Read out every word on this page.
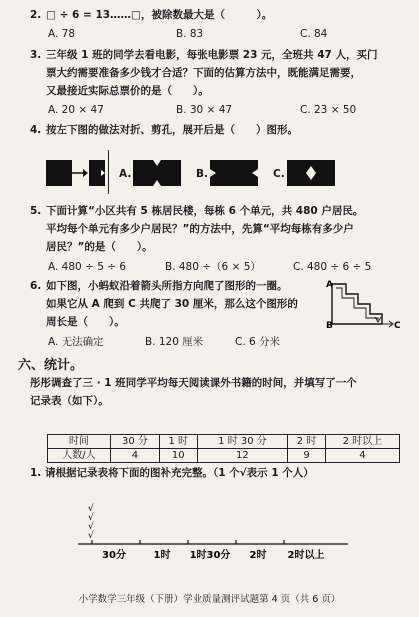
2. □ ÷ 6 = 13……□，被除数最大是（　　　）。
A. 78	B. 83	C. 84
3. 三年级 1 班的同学去看电影，每张电影票 23 元，全班共 47 人，买门
票大约需要准备多少钱才合适？下面的估算方法中，既能满足需要，
又最接近实际总票价的是（　　）。
A. 20 × 47	B. 30 × 47	C. 23 × 50
4. 按左下图的做法对折、剪孔，展开后是（　　）图形。
A.	B.	C.
5. 下面计算“小区共有 5 栋居民楼，每栋 6 个单元，共 480 户居民。
平均每个单元有多少户居民？”的方法中，先算“平均每栋有多少户
居民？”的是（　　）。
A. 480 ÷ 5 ÷ 6	B. 480 ÷（6 × 5）	C. 480 ÷ 6 ÷ 5
6. 如下图，小蚂蚁沿着箭头所指方向爬了图形的一圈。
如果它从 A 爬到 C 共爬了 30 厘米，那么这个图形的
周长是（　　）。
A. 无法确定	B. 120 厘米	C. 6 分米
A
B	C
六、统计。
彤彤调查了三 · 1 班同学平均每天阅读课外书籍的时间，并填写了一个
记录表（如下）。
时间	30 分	1 时	1 时 30 分	2 时	2 时以上
人数/人	4	10	12	9	4
1. 请根据记录表将下面的图补充完整。（1 个√表示 1 个人）
30分
√
√
√
√
1时 1时30分 2时 2时以上
小学数学三年级（下册）学业质量测评试题第 4 页（共 6 页）
